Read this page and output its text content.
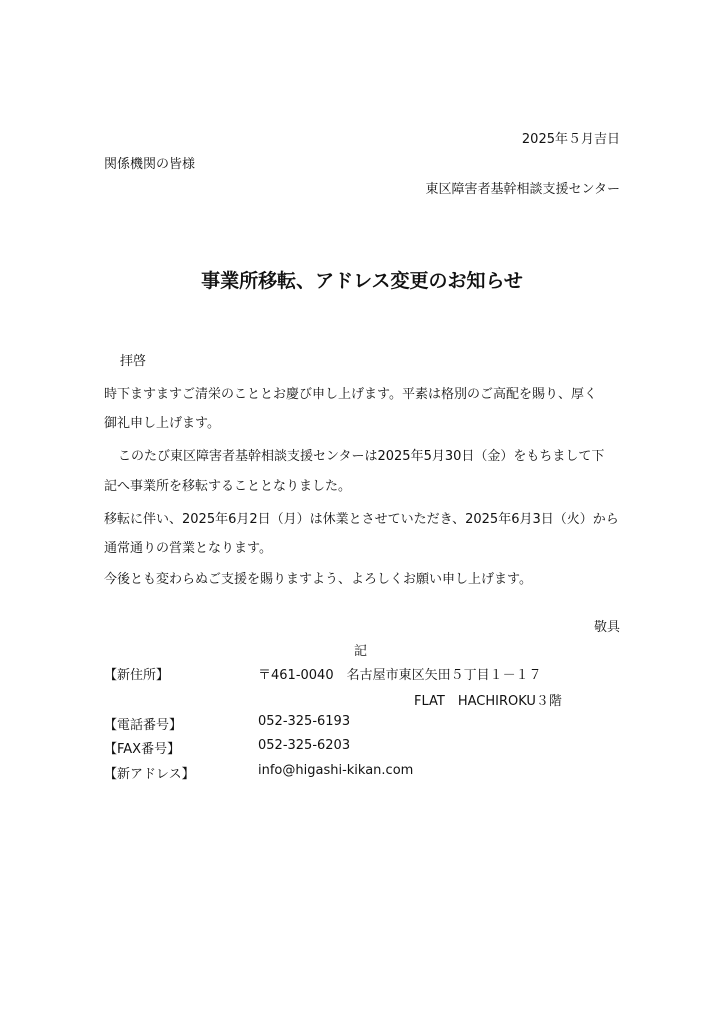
2025年５月吉日
関係機関の皆様
東区障害者基幹相談支援センター
事業所移転、アドレス変更のお知らせ
拝啓
時下ますますご清栄のこととお慶び申し上げます。平素は格別のご高配を賜り、厚く
御礼申し上げます。
このたび東区障害者基幹相談支援センターは2025年5月30日（金）をもちまして下
記へ事業所を移転することとなりました。
移転に伴い、2025年6月2日（月）は休業とさせていただき、2025年6月3日（火）から
通常通りの営業となります。
今後とも変わらぬご支援を賜りますよう、よろしくお願い申し上げます。
敬具
記
【新住所】	〒461-0040　名古屋市東区矢田５丁目１－１７
FLAT　HACHIROKU３階
【電話番号】	052-325-6193
【FAX番号】	052-325-6203
【新アドレス】	info@higashi-kikan.com
